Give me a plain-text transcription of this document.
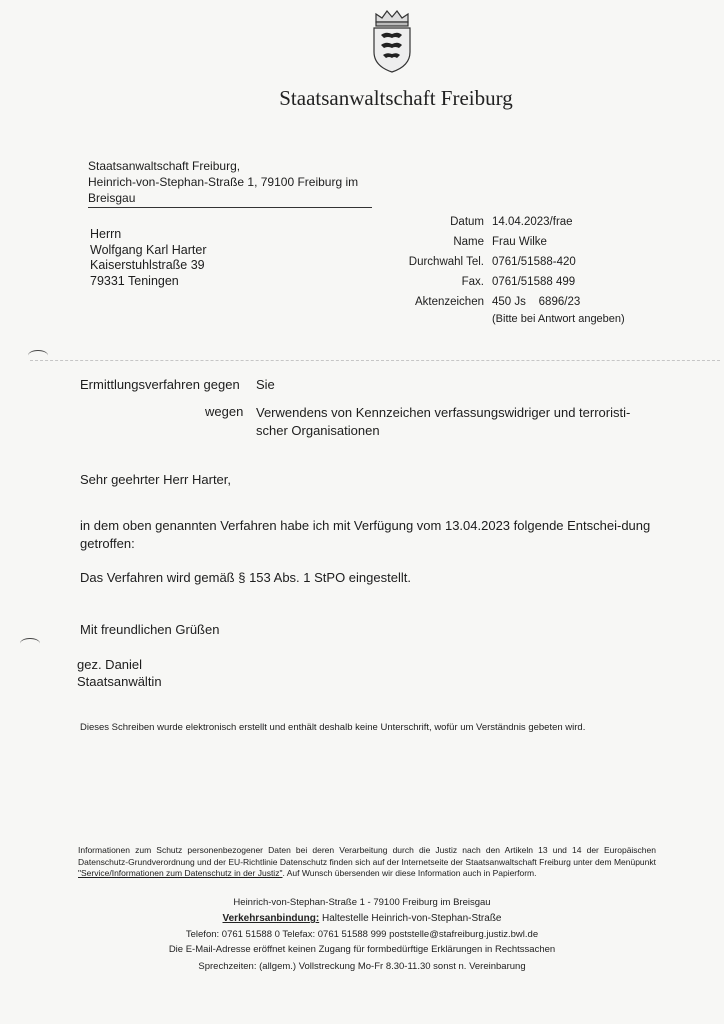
Staatsanwaltschaft Freiburg
Staatsanwaltschaft Freiburg,
Heinrich-von-Stephan-Straße 1, 79100 Freiburg im
Breisgau
Herrn
Wolfgang Karl Harter
Kaiserstuhlstraße 39
79331 Teningen
Datum
Name
Durchwahl Tel.
Fax.
Aktenzeichen
14.04.2023/frae
Frau Wilke
0761/51588-420
0761/51588 499
450 Js    6896/23
(Bitte bei Antwort angeben)
Ermittlungsverfahren gegen Sie
wegen Verwendens von Kennzeichen verfassungswidriger und terroristi-scher Organisationen
Sehr geehrter Herr Harter,
in dem oben genannten Verfahren habe ich mit Verfügung vom 13.04.2023 folgende Entschei-dung getroffen:
Das Verfahren wird gemäß § 153 Abs. 1 StPO eingestellt.
Mit freundlichen Grüßen
gez. Daniel
Staatsanwältin
Dieses Schreiben wurde elektronisch erstellt und enthält deshalb keine Unterschrift, wofür um Verständnis gebeten wird.
Informationen zum Schutz personenbezogener Daten bei deren Verarbeitung durch die Justiz nach den Artikeln 13 und 14 der Europäischen Datenschutz-Grundverordnung und der EU-Richtlinie Datenschutz finden sich auf der Internetseite der Staatsanwaltschaft Freiburg unter dem Menüpunkt "Service/Informationen zum Datenschutz in der Justiz". Auf Wunsch übersenden wir diese Information auch in Papierform.
Heinrich-von-Stephan-Straße 1 - 79100 Freiburg im Breisgau
Verkehrsanbindung: Haltestelle Heinrich-von-Stephan-Straße
Telefon: 0761 51588 0 Telefax: 0761 51588 999 poststelle@stafreiburg.justiz.bwl.de
Die E-Mail-Adresse eröffnet keinen Zugang für formbedürftige Erklärungen in Rechtssachen
Sprechzeiten: (allgem.) Vollstreckung Mo-Fr 8.30-11.30 sonst n. Vereinbarung
